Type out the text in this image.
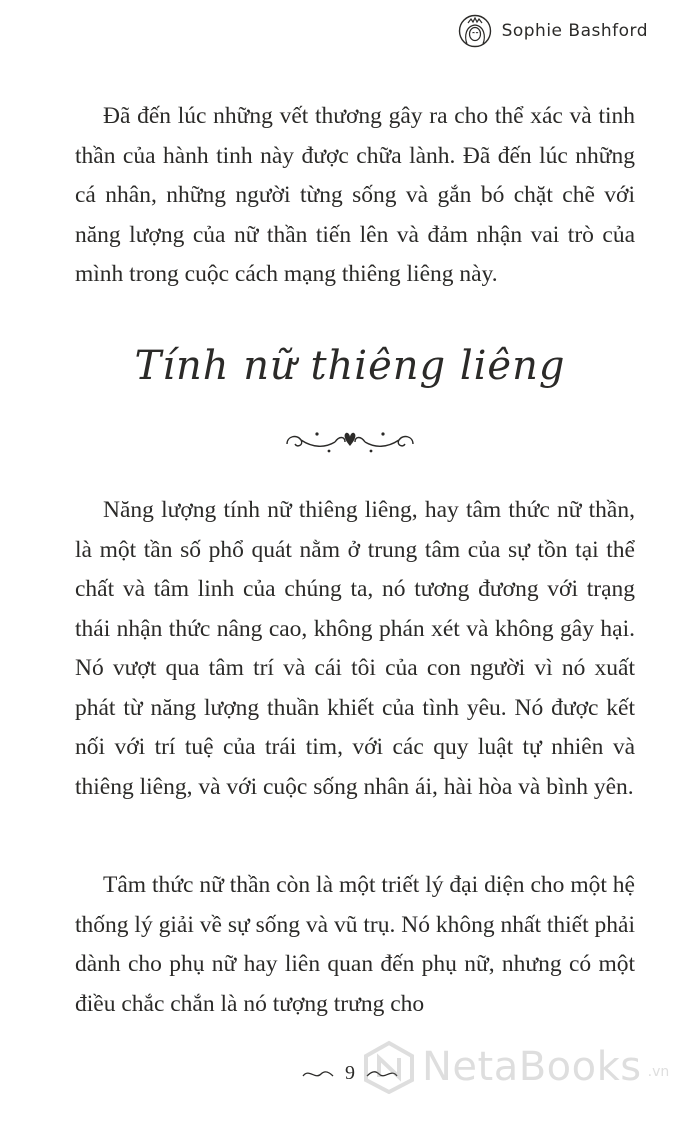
Sophie Bashford

Đã đến lúc những vết thương gây ra cho thể xác và tinh thần của hành tinh này được chữa lành. Đã đến lúc những cá nhân, những người từng sống và gắn bó chặt chẽ với năng lượng của nữ thần tiến lên và đảm nhận vai trò của mình trong cuộc cách mạng thiêng liêng này.

Tính nữ thiêng liêng

Năng lượng tính nữ thiêng liêng, hay tâm thức nữ thần, là một tần số phổ quát nằm ở trung tâm của sự tồn tại thể chất và tâm linh của chúng ta, nó tương đương với trạng thái nhận thức nâng cao, không phán xét và không gây hại. Nó vượt qua tâm trí và cái tôi của con người vì nó xuất phát từ năng lượng thuần khiết của tình yêu. Nó được kết nối với trí tuệ của trái tim, với các quy luật tự nhiên và thiêng liêng, và với cuộc sống nhân ái, hài hòa và bình yên.

Tâm thức nữ thần còn là một triết lý đại diện cho một hệ thống lý giải về sự sống và vũ trụ. Nó không nhất thiết phải dành cho phụ nữ hay liên quan đến phụ nữ, nhưng có một điều chắc chắn là nó tượng trưng cho

9 NetaBooks .vn
